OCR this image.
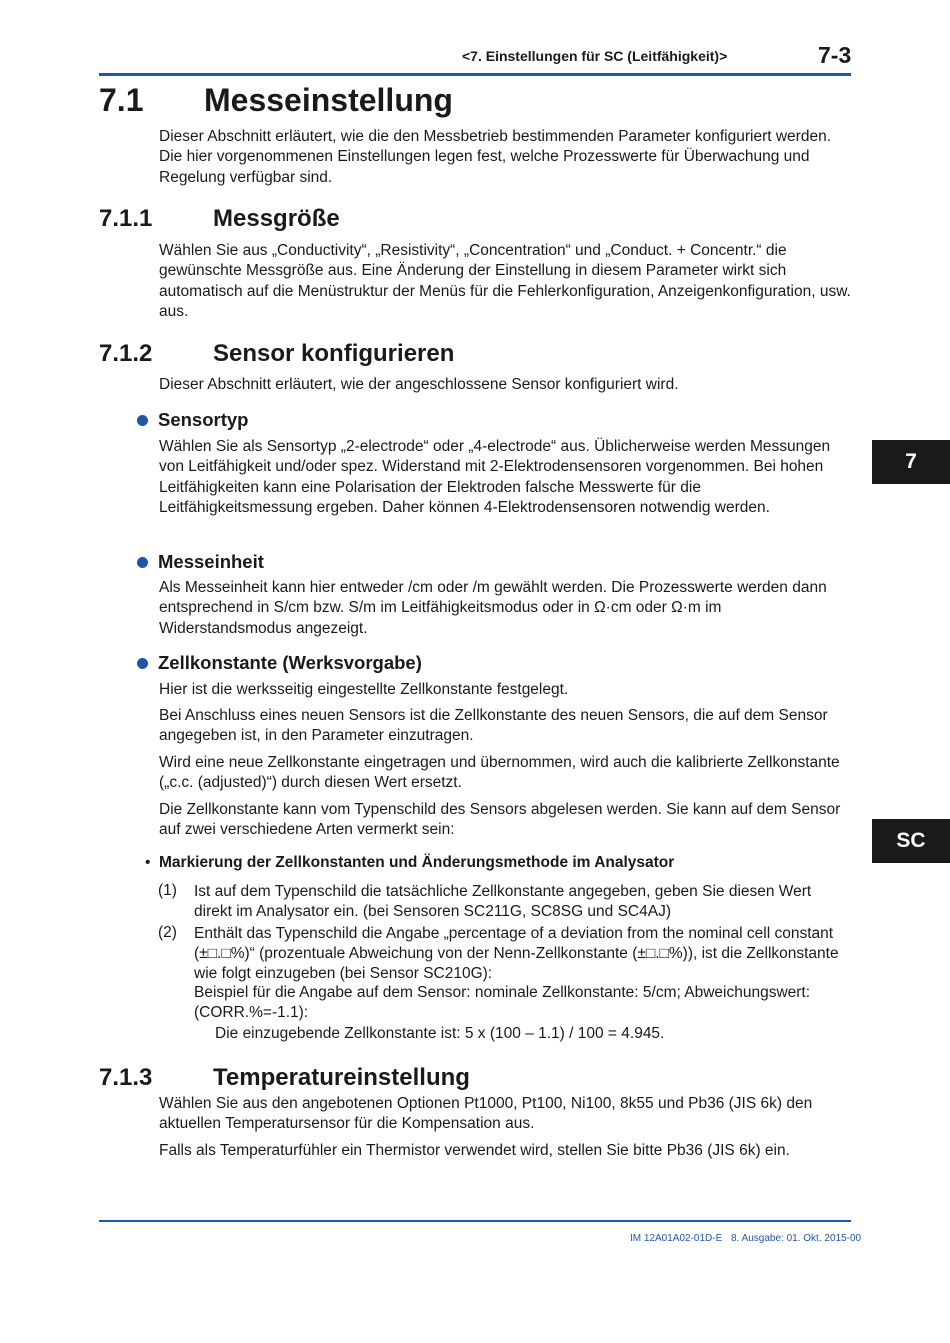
<7. Einstellungen für SC (Leitfähigkeit)>	7-3
7.1 Messeinstellung
Dieser Abschnitt erläutert, wie die den Messbetrieb bestimmenden Parameter konfiguriert werden. Die hier vorgenommenen Einstellungen legen fest, welche Prozesswerte für Überwachung und Regelung verfügbar sind.
7.1.1	Messgröße
Wählen Sie aus „Conductivity“, „Resistivity“, „Concentration“ und „Conduct. + Concentr.“ die gewünschte Messgröße aus. Eine Änderung der Einstellung in diesem Parameter wirkt sich automatisch auf die Menüstruktur der Menüs für die Fehlerkonfiguration, Anzeigenkonfiguration, usw. aus.
7.1.2	Sensor konfigurieren
Dieser Abschnitt erläutert, wie der angeschlossene Sensor konfiguriert wird.
Sensortyp
Wählen Sie als Sensortyp „2-electrode“ oder „4-electrode“ aus. Üblicherweise werden Messungen von Leitfähigkeit und/oder spez. Widerstand mit 2-Elektrodensensoren vorgenommen. Bei hohen Leitfähigkeiten kann eine Polarisation der Elektroden falsche Messwerte für die Leitfähigkeitsmessung ergeben. Daher können 4-Elektrodensensoren notwendig werden.
Messeinheit
Als Messeinheit kann hier entweder /cm oder /m gewählt werden. Die Prozesswerte werden dann entsprechend in S/cm bzw. S/m im Leitfähigkeitsmodus oder in Ω·cm oder Ω·m im Widerstandsmodus angezeigt.
Zellkonstante (Werksvorgabe)
Hier ist die werksseitig eingestellte Zellkonstante festgelegt.
Bei Anschluss eines neuen Sensors ist die Zellkonstante des neuen Sensors, die auf dem Sensor angegeben ist, in den Parameter einzutragen.
Wird eine neue Zellkonstante eingetragen und übernommen, wird auch die kalibrierte Zellkonstante („c.c. (adjusted)“) durch diesen Wert ersetzt.
Die Zellkonstante kann vom Typenschild des Sensors abgelesen werden. Sie kann auf dem Sensor auf zwei verschiedene Arten vermerkt sein:
• Markierung der Zellkonstanten und Änderungsmethode im Analysator
(1) Ist auf dem Typenschild die tatsächliche Zellkonstante angegeben, geben Sie diesen Wert direkt im Analysator ein. (bei Sensoren SC211G, SC8SG und SC4AJ)
(2) Enthält das Typenschild die Angabe „percentage of a deviation from the nominal cell constant (±□.□%)“ (prozentuale Abweichung von der Nenn-Zellkonstante (±□.□%)), ist die Zellkonstante wie folgt einzugeben (bei Sensor SC210G):
Beispiel für die Angabe auf dem Sensor: nominale Zellkonstante: 5/cm; Abweichungswert: (CORR.%=-1.1):
Die einzugebende Zellkonstante ist: 5 x (100 – 1.1) / 100 = 4.945.
7.1.3	Temperatureinstellung
Wählen Sie aus den angebotenen Optionen Pt1000, Pt100, Ni100, 8k55 und Pb36 (JIS 6k) den aktuellen Temperatursensor für die Kompensation aus.
Falls als Temperaturfühler ein Thermistor verwendet wird, stellen Sie bitte Pb36 (JIS 6k) ein.
7
SC
IM 12A01A02-01D-E 8. Ausgabe: 01. Okt. 2015-00
